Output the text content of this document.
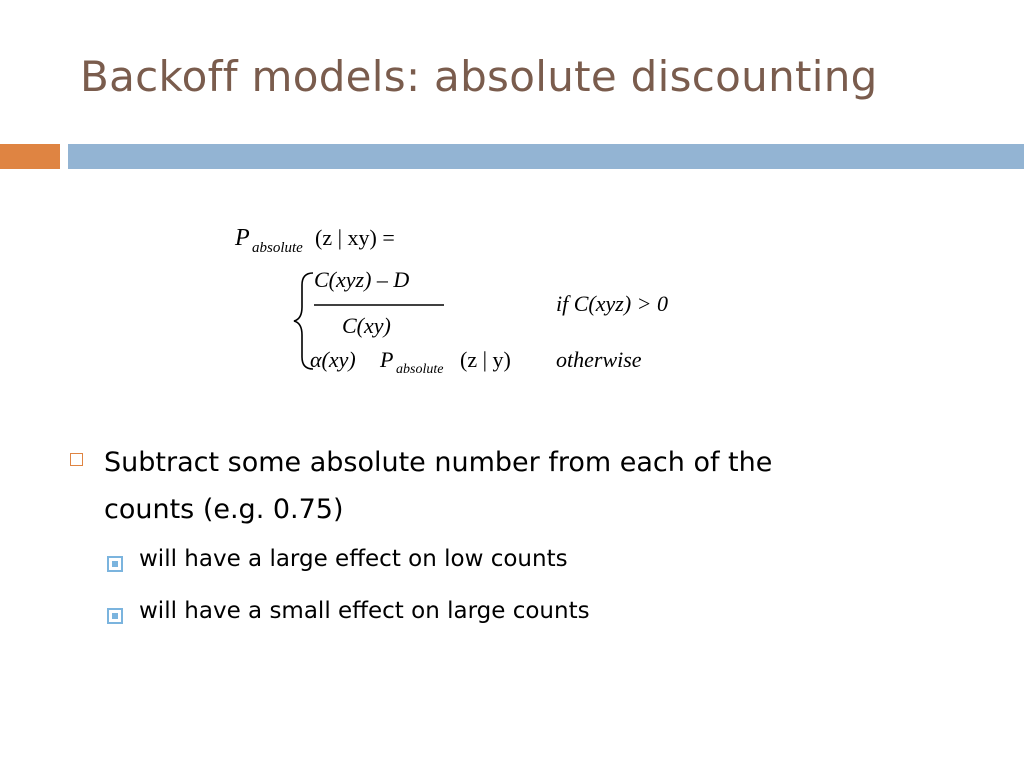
Backoff models: absolute discounting
P absolute (z | xy) =
C(xyz) – D
C(xy)
if C(xyz) > 0
α(xy) P absolute (z | y) otherwise
Subtract some absolute number from each of the counts (e.g. 0.75)
will have a large effect on low counts
will have a small effect on large counts
